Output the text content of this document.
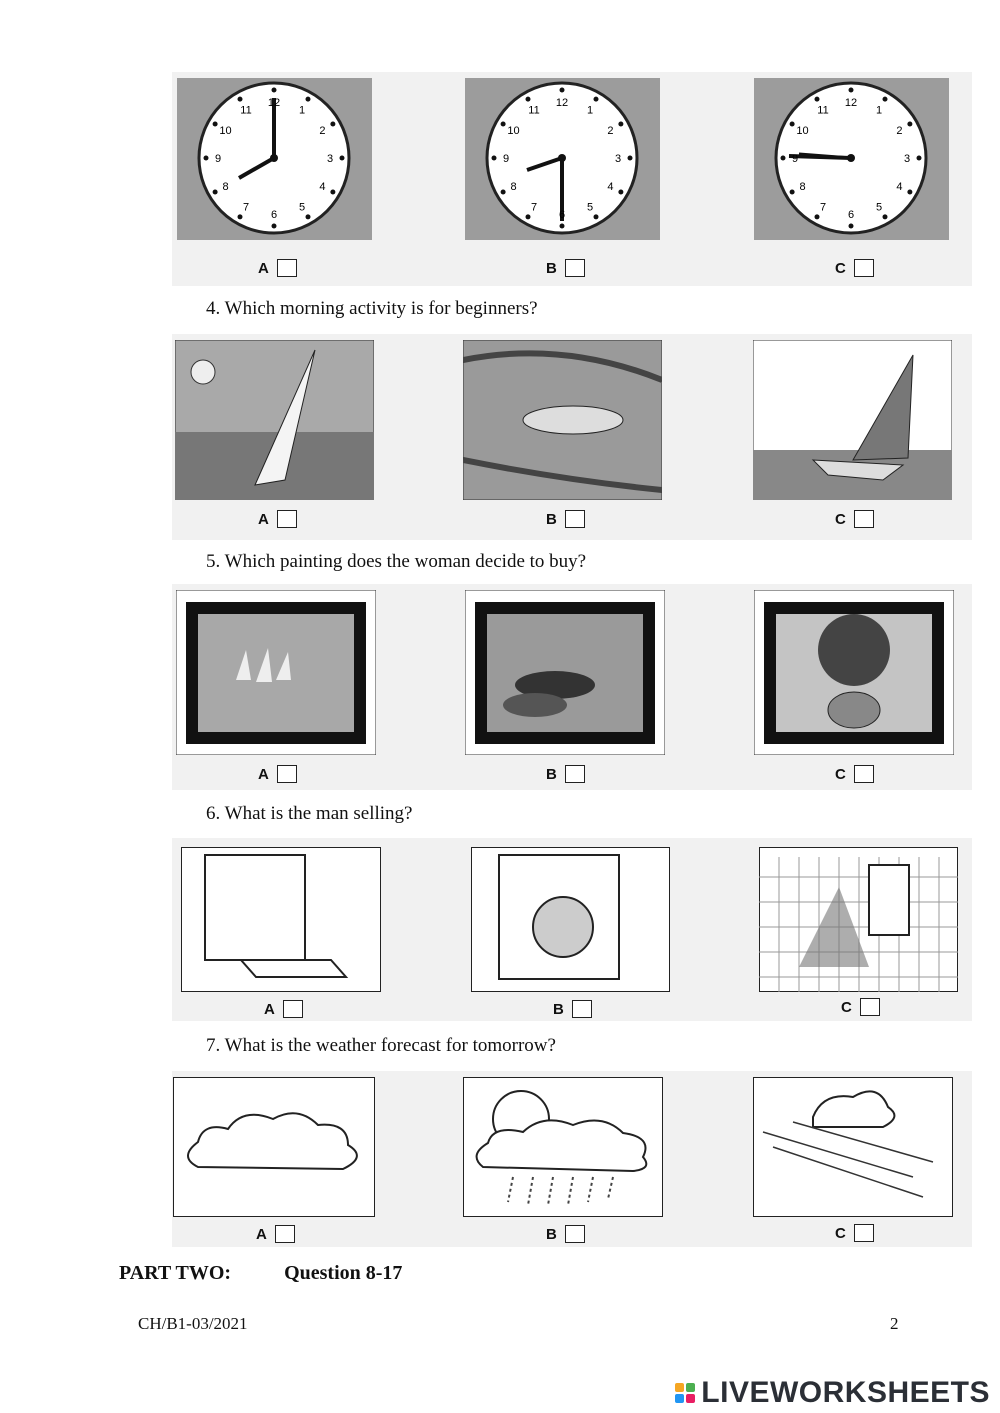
12
1
2
3
4
5
6
7
8
9
10
11
12
1
2
3
4
5
6
7
8
9
10
11
12
1
2
3
4
5
6
7
8
9
10
11
A	B	C
4. Which morning activity is for beginners?
A	B	C
5. Which painting does the woman decide to buy?
A	B	C
6. What is the man selling?
A	B	C
7. What is the weather forecast for tomorrow?
A	B	C
PART TWO:	Question 8-17
CH/B1-03/2021	2
LIVEWORKSHEETS
